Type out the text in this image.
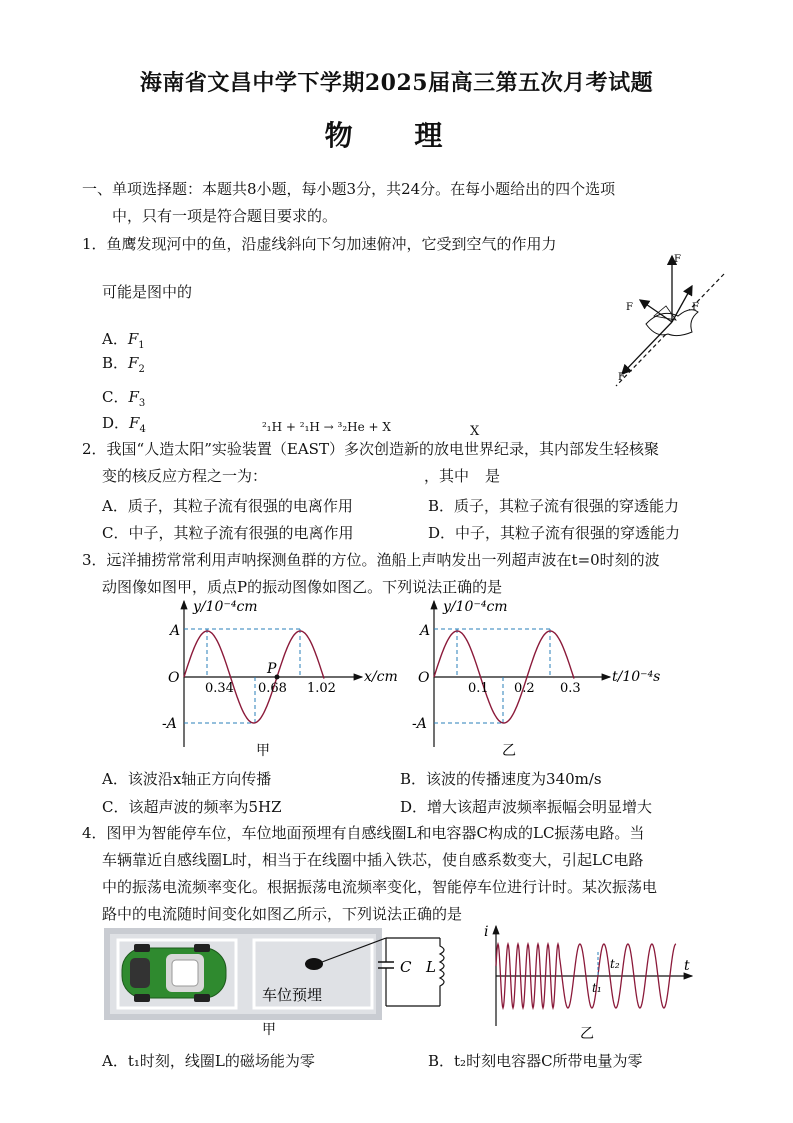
海南省文昌中学下学期2025届高三第五次月考试题
物 理
一、单项选择题：本题共8小题，每小题3分，共24分。在每小题给出的四个选项
中，只有一项是符合题目要求的。
1．鱼鹰发现河中的鱼，沿虚线斜向下匀加速俯冲，它受到空气的作用力
可能是图中的
A．$F_1$
B．$F_2$
C．$F_3$
D．$F_4$
F
F	F
F
²₁H + ²₁H → ³₂He + X	X
2．我国“人造太阳”实验装置（EAST）多次创造新的放电世界纪录，其内部发生轻核聚
变的核反应方程之一为：	，其中 是
A．质子，其粒子流有很强的电离作用	B．质子，其粒子流有很强的穿透能力
C．中子，其粒子流有很强的电离作用	D．中子，其粒子流有很强的穿透能力
3．远洋捕捞常常利用声呐探测鱼群的方位。渔船上声呐发出一列超声波在t=0时刻的波
动图像如图甲，质点P的振动图像如图乙。下列说法正确的是
y/10⁻⁴cm
x/cm
O
A
-A
P
0.34 0.68 1.02
甲
y/10⁻⁴cm
t/10⁻⁴s
O
A
-A
0.1 0.2 0.3
乙
A．该波沿x轴正方向传播	B．该波的传播速度为340m/s
C．该超声波的频率为5HZ	D．增大该超声波频率振幅会明显增大
4．图甲为智能停车位，车位地面预埋有自感线圈L和电容器C构成的LC振荡电路。当
车辆靠近自感线圈L时，相当于在线圈中插入铁芯，使自感系数变大，引起LC电路
中的振荡电流频率变化。根据振荡电流频率变化，智能停车位进行计时。某次振荡电
路中的电流随时间变化如图乙所示，下列说法正确的是
车位预埋
C L
甲
i
t
t₁
t₂
乙
A．t₁时刻，线圈L的磁场能为零	B．t₂时刻电容器C所带电量为零
